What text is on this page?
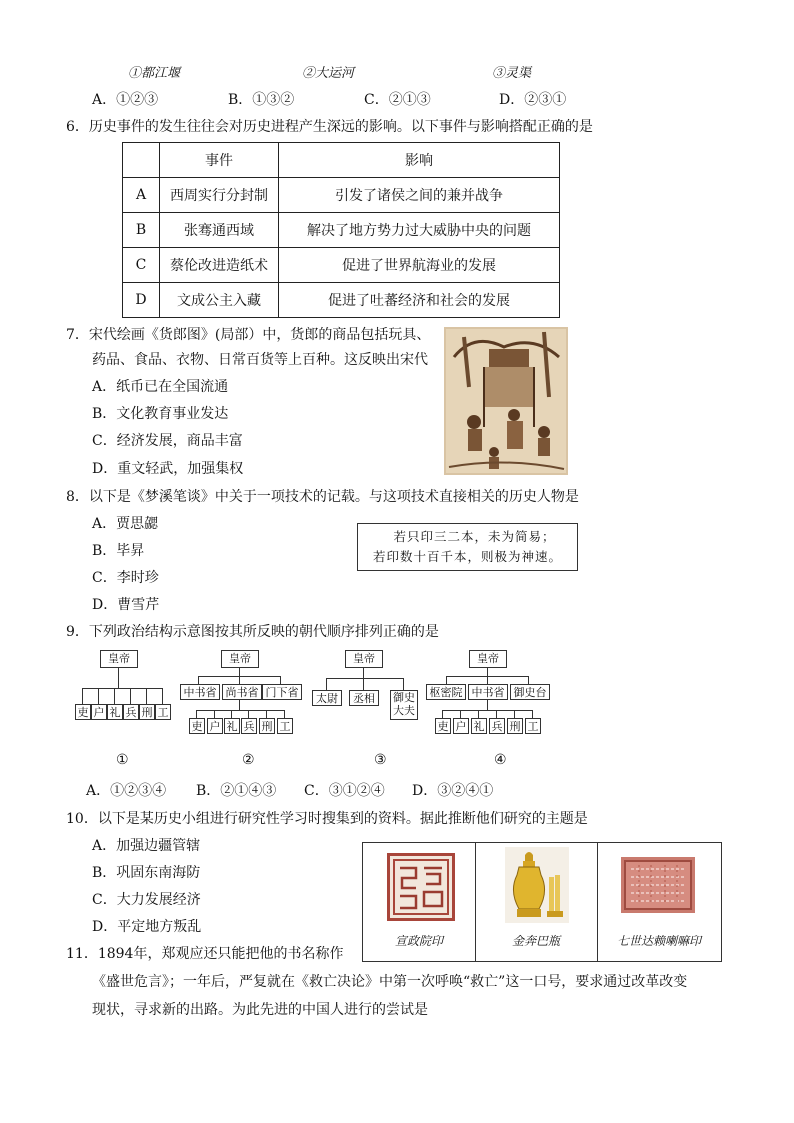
①都江堰	②大运河	③灵渠
A．①②③	B．①③②	C．②①③	D．②③①
6．历史事件的发生往往会对历史进程产生深远的影响。以下事件与影响搭配正确的是
	事件	影响
A	西周实行分封制	引发了诸侯之间的兼并战争
B	张骞通西域	解决了地方势力过大威胁中央的问题
C	蔡伦改进造纸术	促进了世界航海业的发展
D	文成公主入藏	促进了吐蕃经济和社会的发展
7．宋代绘画《货郎图》(局部）中，货郎的商品包括玩具、
药品、食品、衣物、日常百货等上百种。这反映出宋代
A．纸币已在全国流通
B．文化教育事业发达
C．经济发展，商品丰富
D．重文轻武，加强集权
8．以下是《梦溪笔谈》中关于一项技术的记载。与这项技术直接相关的历史人物是
A．贾思勰
B．毕昇
C．李时珍
D．曹雪芹
若只印三二本，未为简易；
若印数十百千本，则极为神速。
9．下列政治结构示意图按其所反映的朝代顺序排列正确的是
皇帝
吏 户 礼 兵 刑 工
皇帝
中书省 尚书省 门下省
吏 户 礼 兵 刑 工
皇帝
太尉	丞相	御史大夫
皇帝
枢密院 中书省 御史台
吏 户 礼 兵 刑 工
①	②	③	④
A．①②③④ B．②①④③ C．③①②④ D．③②④①
10．以下是某历史小组进行研究性学习时搜集到的资料。据此推断他们研究的主题是
A．加强边疆管辖
B．巩固东南海防
C．大力发展经济
D．平定地方叛乱
宣政院印	金奔巴瓶	七世达赖喇嘛印
11．1894年，郑观应还只能把他的书名称作
《盛世危言》；一年后，严复就在《救亡决论》中第一次呼唤“救亡”这一口号，要求通过改革改变
现状，寻求新的出路。为此先进的中国人进行的尝试是
